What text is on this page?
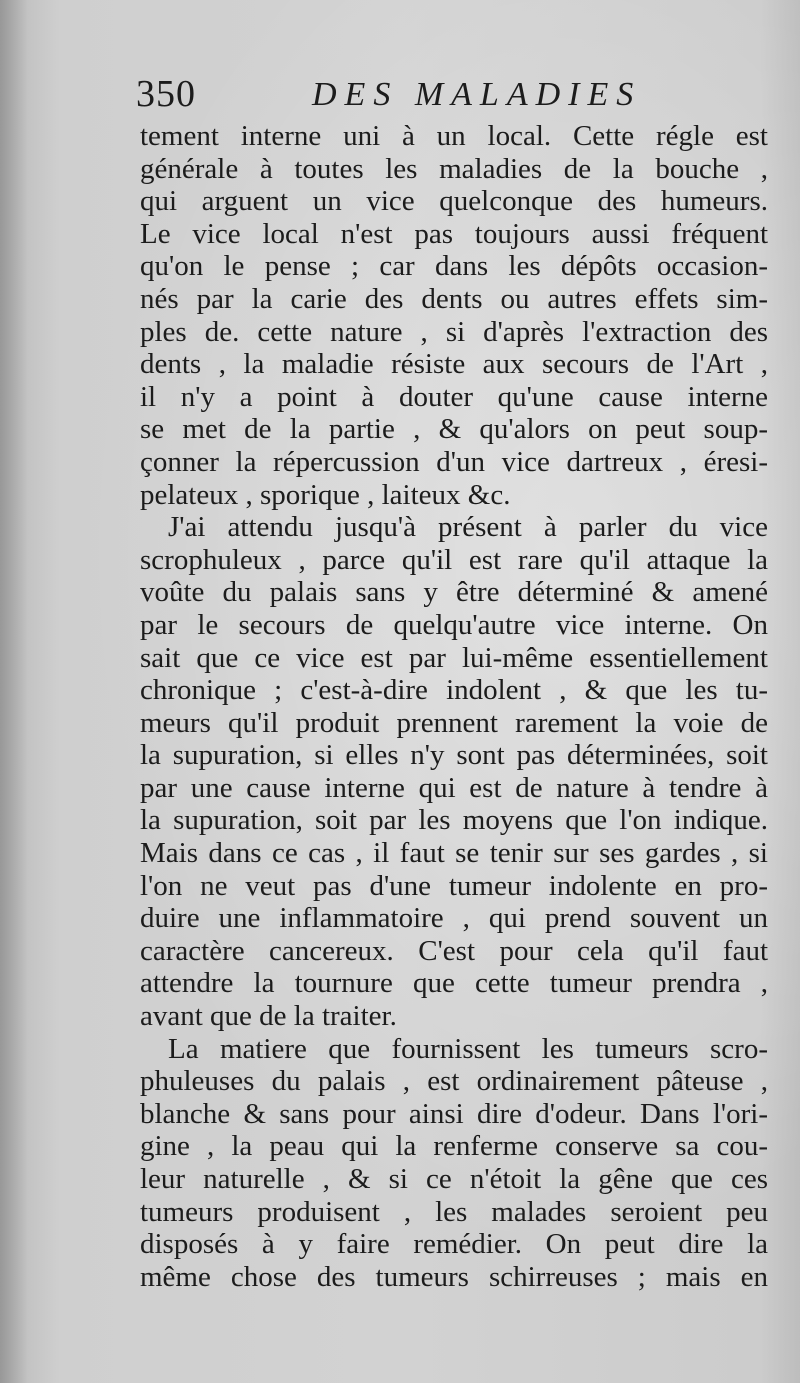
350	DES MALADIES

tement interne uni à un local. Cette régle est
générale à toutes les maladies de la bouche ,
qui arguent un vice quelconque des humeurs.
Le vice local n'est pas toujours aussi fréquent
qu'on le pense ; car dans les dépôts occasion-
nés par la carie des dents ou autres effets sim-
ples de. cette nature , si d'après l'extraction des
dents , la maladie résiste aux secours de l'Art ,
il n'y a point à douter qu'une cause interne
se met de la partie , & qu'alors on peut soup-
çonner la répercussion d'un vice dartreux , éresi-
pelateux , sporique , laiteux &c.

J'ai attendu jusqu'à présent à parler du vice
scrophuleux , parce qu'il est rare qu'il attaque la
voûte du palais sans y être déterminé & amené
par le secours de quelqu'autre vice interne. On
sait que ce vice est par lui-même essentiellement
chronique ; c'est-à-dire indolent , & que les tu-
meurs qu'il produit prennent rarement la voie de
la supuration, si elles n'y sont pas déterminées, soit
par une cause interne qui est de nature à tendre à
la supuration, soit par les moyens que l'on indique.
Mais dans ce cas , il faut se tenir sur ses gardes , si
l'on ne veut pas d'une tumeur indolente en pro-
duire une inflammatoire , qui prend souvent un
caractère cancereux. C'est pour cela qu'il faut
attendre la tournure que cette tumeur prendra ,
avant que de la traiter.

La matiere que fournissent les tumeurs scro-
phuleuses du palais , est ordinairement pâteuse ,
blanche & sans pour ainsi dire d'odeur. Dans l'ori-
gine , la peau qui la renferme conserve sa cou-
leur naturelle , & si ce n'étoit la gêne que ces
tumeurs produisent , les malades seroient peu
disposés à y faire remédier. On peut dire la
même chose des tumeurs schirreuses ; mais en
